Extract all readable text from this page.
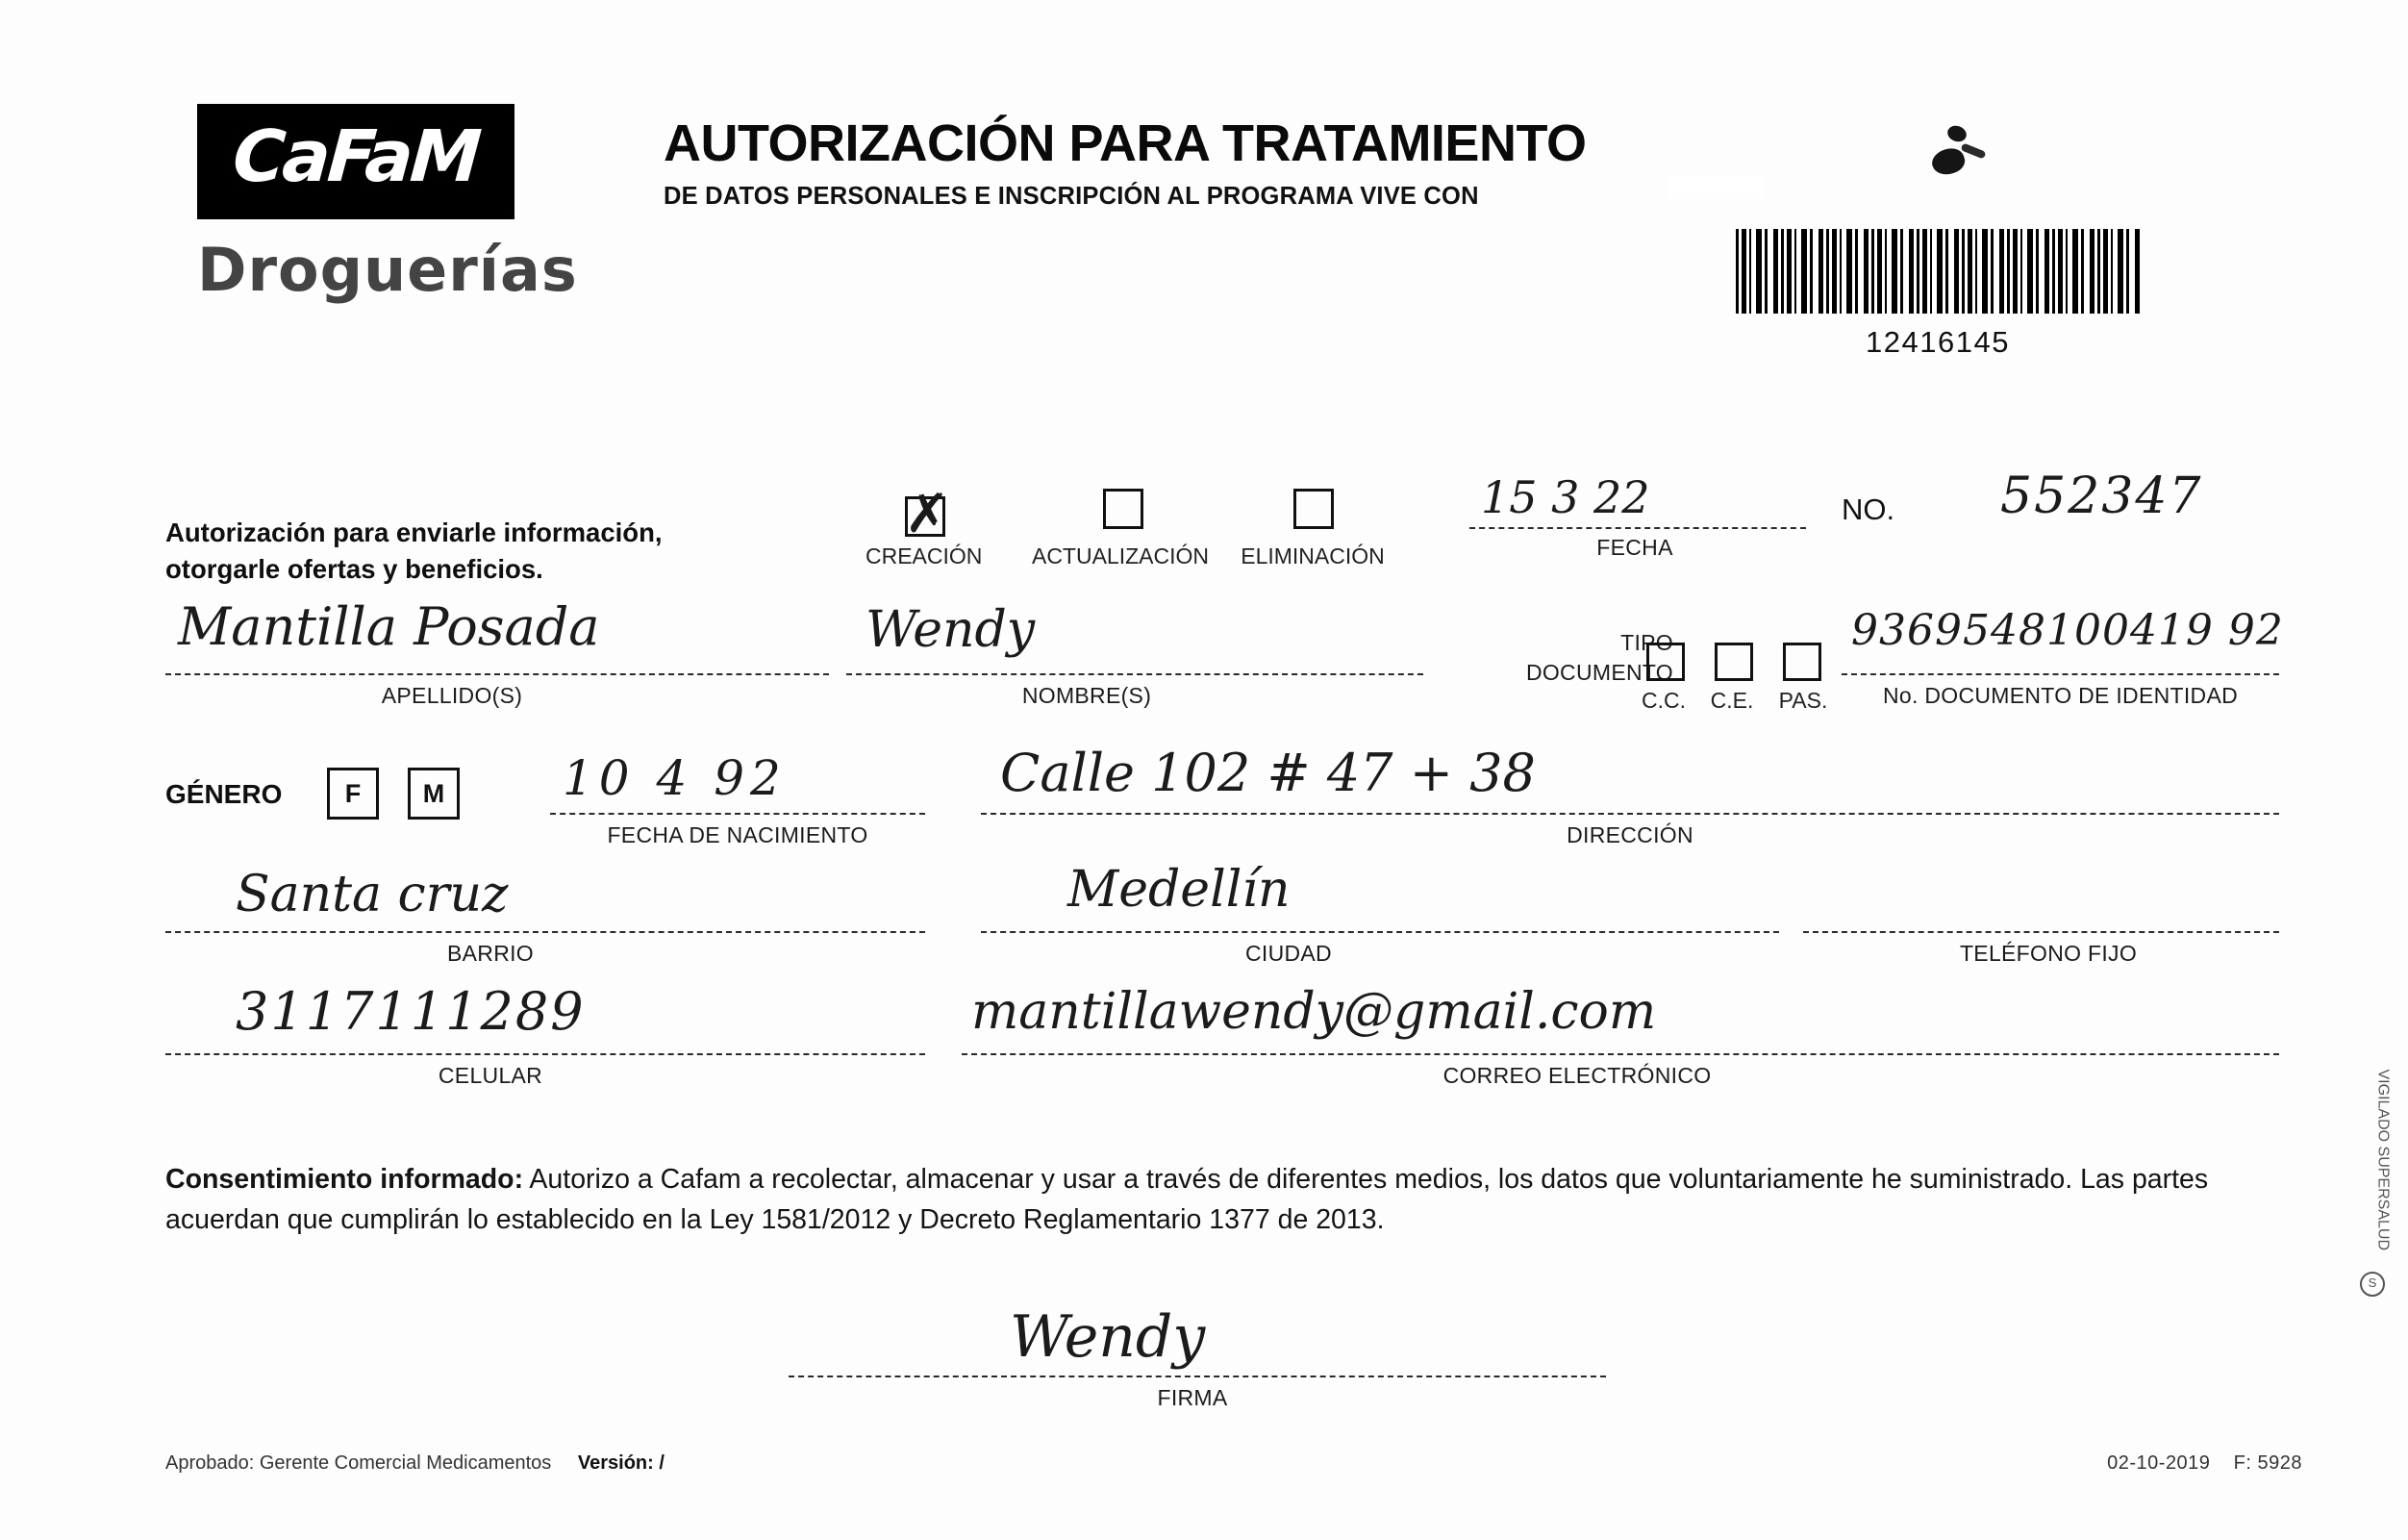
CaFaM
Droguerías
AUTORIZACIÓN PARA TRATAMIENTO
DE DATOS PERSONALES E INSCRIPCIÓN AL PROGRAMA VIVE CON
12416145
Autorización para enviarle información,
otorgarle ofertas y beneficios.
✗
CREACIÓN	ACTUALIZACIÓN	ELIMINACIÓN
15 3 22
FECHA
NO. 552347
Mantilla Posada
APELLIDO(S)
Wendy
NOMBRE(S)
TIPO
DOCUMENTO
C.C.	C.E.	PAS.
9369548100419 92
No. DOCUMENTO DE IDENTIDAD
GÉNERO	F	M	10 4 92
FECHA DE NACIMIENTO
Calle 102 # 47 + 38
DIRECCIÓN
Santa cruz
BARRIO
Medellín
CIUDAD	TELÉFONO FIJO
3117111289
CELULAR
mantillawendy@gmail.com
CORREO ELECTRÓNICO
Consentimiento informado: Autorizo a Cafam a recolectar, almacenar y usar a través de diferentes medios, los datos que voluntariamente he suministrado. Las partes acuerdan que cumplirán lo establecido en la Ley 1581/2012 y Decreto Reglamentario 1377 de 2013.
Wendy
FIRMA
Aprobado: Gerente Comercial Medicamentos Versión: /	02-10-2019 F: 5928
VIGILADO SUPERSALUD
S
